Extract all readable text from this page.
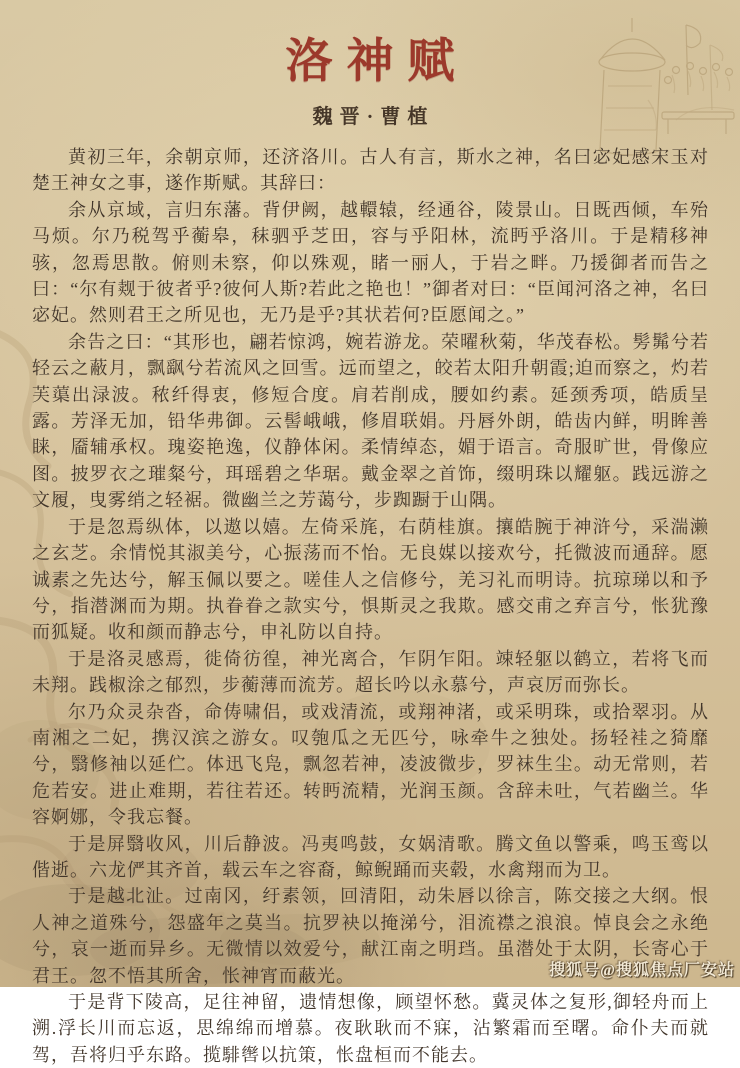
洛神赋
魏晋·曹植

黄初三年，余朝京师，还济洛川。古人有言，斯水之神，名曰宓妃感宋玉对楚王神女之事，遂作斯赋。其辞曰：

余从京域，言归东藩。背伊阙，越轘辕，经通谷，陵景山。日既西倾，车殆马烦。尔乃税驾乎蘅皋，秣驷乎芝田，容与乎阳林，流眄乎洛川。于是精移神骇，忽焉思散。俯则未察，仰以殊观，睹一丽人，于岩之畔。乃援御者而告之曰：“尔有觌于彼者乎?彼何人斯?若此之艳也！”御者对曰：“臣闻河洛之神，名曰宓妃。然则君王之所见也，无乃是乎?其状若何?臣愿闻之。”

余告之曰：“其形也，翩若惊鸿，婉若游龙。荣曜秋菊，华茂春松。髣髴兮若轻云之蔽月，飘飖兮若流风之回雪。远而望之，皎若太阳升朝霞;迫而察之，灼若芙蕖出渌波。秾纤得衷，修短合度。肩若削成，腰如约素。延颈秀项，皓质呈露。芳泽无加，铅华弗御。云髻峨峨，修眉联娟。丹唇外朗，皓齿内鲜，明眸善睐，靥辅承权。瑰姿艳逸，仪静体闲。柔情绰态，媚于语言。奇服旷世，骨像应图。披罗衣之璀粲兮，珥瑶碧之华琚。戴金翠之首饰，缀明珠以耀躯。践远游之文履，曳雾绡之轻裾。微幽兰之芳蔼兮，步踟蹰于山隅。

于是忽焉纵体，以遨以嬉。左倚采旄，右荫桂旗。攘皓腕于神浒兮，采湍濑之玄芝。余情悦其淑美兮，心振荡而不怡。无良媒以接欢兮，托微波而通辞。愿诚素之先达兮，解玉佩以要之。嗟佳人之信修兮，羌习礼而明诗。抗琼珶以和予兮，指潜渊而为期。执眷眷之款实兮，惧斯灵之我欺。感交甫之弃言兮，怅犹豫而狐疑。收和颜而静志兮，申礼防以自持。

于是洛灵感焉，徙倚彷徨，神光离合，乍阴乍阳。竦轻躯以鹤立，若将飞而未翔。践椒涂之郁烈，步蘅薄而流芳。超长吟以永慕兮，声哀厉而弥长。

尔乃众灵杂沓，命俦啸侣，或戏清流，或翔神渚，或采明珠，或拾翠羽。从南湘之二妃，携汉滨之游女。叹匏瓜之无匹兮，咏牵牛之独处。扬轻袿之猗靡兮，翳修袖以延伫。体迅飞凫，飘忽若神，凌波微步，罗袜生尘。动无常则，若危若安。进止难期，若往若还。转眄流精，光润玉颜。含辞未吐，气若幽兰。华容婀娜，令我忘餐。

于是屏翳收风，川后静波。冯夷鸣鼓，女娲清歌。腾文鱼以警乘，鸣玉鸾以偕逝。六龙俨其齐首，载云车之容裔，鲸鲵踊而夹毂，水禽翔而为卫。

于是越北沚。过南冈，纡素领，回清阳，动朱唇以徐言，陈交接之大纲。恨人神之道殊兮，怨盛年之莫当。抗罗袂以掩涕兮，泪流襟之浪浪。悼良会之永绝兮，哀一逝而异乡。无微情以效爱兮，献江南之明珰。虽潜处于太阴，长寄心于君王。忽不悟其所舍，怅神宵而蔽光。

于是背下陵高，足往神留，遗情想像，顾望怀愁。冀灵体之复形,御轻舟而上溯.浮长川而忘返，思绵绵而增慕。夜耿耿而不寐，沾繁霜而至曙。命仆夫而就驾，吾将归乎东路。揽騑辔以抗策，怅盘桓而不能去。

搜狐号@搜狐焦点厂安站
